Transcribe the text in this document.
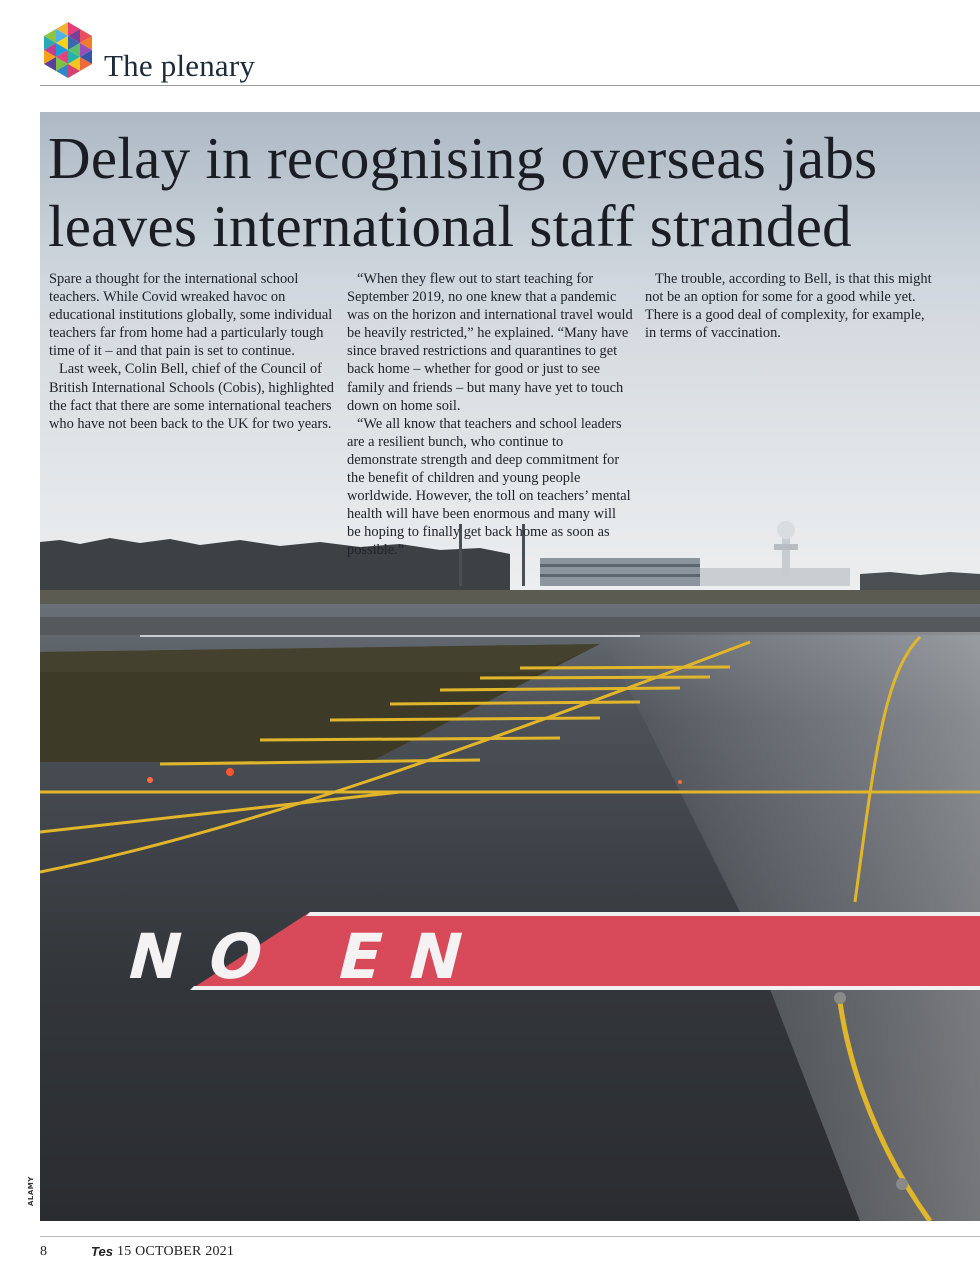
The plenary
NO EN
Delay in recognising overseas jabs
leaves international staff stranded

Spare a thought for the international school teachers. While Covid wreaked havoc on educational institutions globally, some individual teachers far from home had a particularly tough time of it – and that pain is set to continue.

Last week, Colin Bell, chief of the Council of British International Schools (Cobis), highlighted the fact that there are some international teachers who have not been back to the UK for two years.

“When they flew out to start teaching for September 2019, no one knew that a pandemic was on the horizon and international travel would be heavily restricted,” he explained. “Many have since braved restrictions and quarantines to get back home – whether for good or just to see family and friends – but many have yet to touch down on home soil.

“We all know that teachers and school leaders are a resilient bunch, who continue to demonstrate strength and deep commitment for the benefit of children and young people worldwide. However, the toll on teachers’ mental health will have been enormous and many will be hoping to finally get back home as soon as possible.”

The trouble, according to Bell, is that this might not be an option for some for a good while yet. There is a good deal of complexity, for example, in terms of vaccination.

ALAMY
8	Tes 15 OCTOBER 2021
